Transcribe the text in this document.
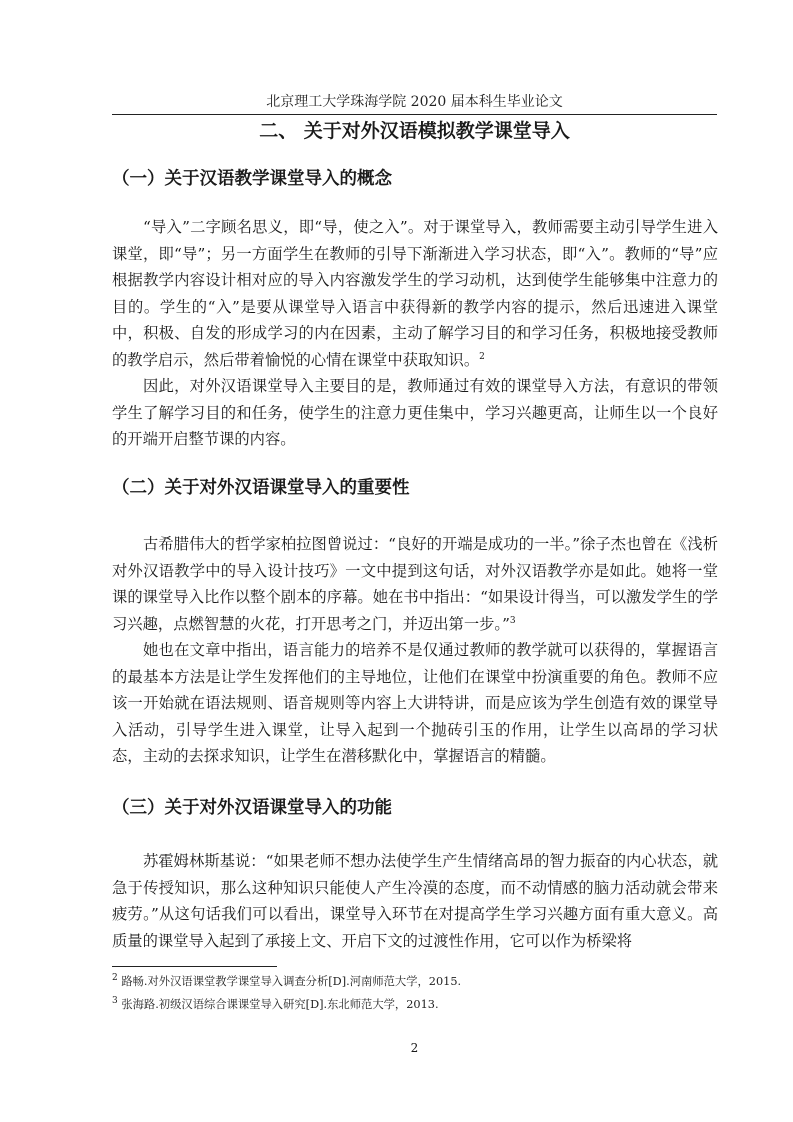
北京理工大学珠海学院 2020 届本科生毕业论文
二、 关于对外汉语模拟教学课堂导入
（一）关于汉语教学课堂导入的概念

“导入”二字顾名思义，即“导，使之入”。对于课堂导入，教师需要主动引导学生进入课堂，即“导”；另一方面学生在教师的引导下渐渐进入学习状态，即“入”。教师的“导”应根据教学内容设计相对应的导入内容激发学生的学习动机，达到使学生能够集中注意力的目的。学生的“入”是要从课堂导入语言中获得新的教学内容的提示，然后迅速进入课堂中，积极、自发的形成学习的内在因素，主动了解学习目的和学习任务，积极地接受教师的教学启示，然后带着愉悦的心情在课堂中获取知识。$^2$

因此，对外汉语课堂导入主要目的是，教师通过有效的课堂导入方法，有意识的带领学生了解学习目的和任务，使学生的注意力更佳集中，学习兴趣更高，让师生以一个良好的开端开启整节课的内容。

（二）关于对外汉语课堂导入的重要性

古希腊伟大的哲学家柏拉图曾说过：“良好的开端是成功的一半。”徐子杰也曾在《浅析对外汉语教学中的导入设计技巧》一文中提到这句话，对外汉语教学亦是如此。她将一堂课的课堂导入比作以整个剧本的序幕。她在书中指出：“如果设计得当，可以激发学生的学习兴趣，点燃智慧的火花，打开思考之门，并迈出第一步。”$^3$

她也在文章中指出，语言能力的培养不是仅通过教师的教学就可以获得的，掌握语言的最基本方法是让学生发挥他们的主导地位，让他们在课堂中扮演重要的角色。教师不应该一开始就在语法规则、语音规则等内容上大讲特讲，而是应该为学生创造有效的课堂导入活动，引导学生进入课堂，让导入起到一个抛砖引玉的作用，让学生以高昂的学习状态，主动的去探求知识，让学生在潜移默化中，掌握语言的精髓。

（三）关于对外汉语课堂导入的功能

苏霍姆林斯基说：“如果老师不想办法使学生产生情绪高昂的智力振奋的内心状态，就急于传授知识，那么这种知识只能使人产生冷漠的态度，而不动情感的脑力活动就会带来疲劳。”从这句话我们可以看出，课堂导入环节在对提高学生学习兴趣方面有重大意义。高质量的课堂导入起到了承接上文、开启下文的过渡性作用，它可以作为桥梁将

$^2$ 路畅.对外汉语课堂教学课堂导入调查分析[D].河南师范大学，2015.
$^3$ 张海路.初级汉语综合课课堂导入研究[D].东北师范大学，2013.
2
